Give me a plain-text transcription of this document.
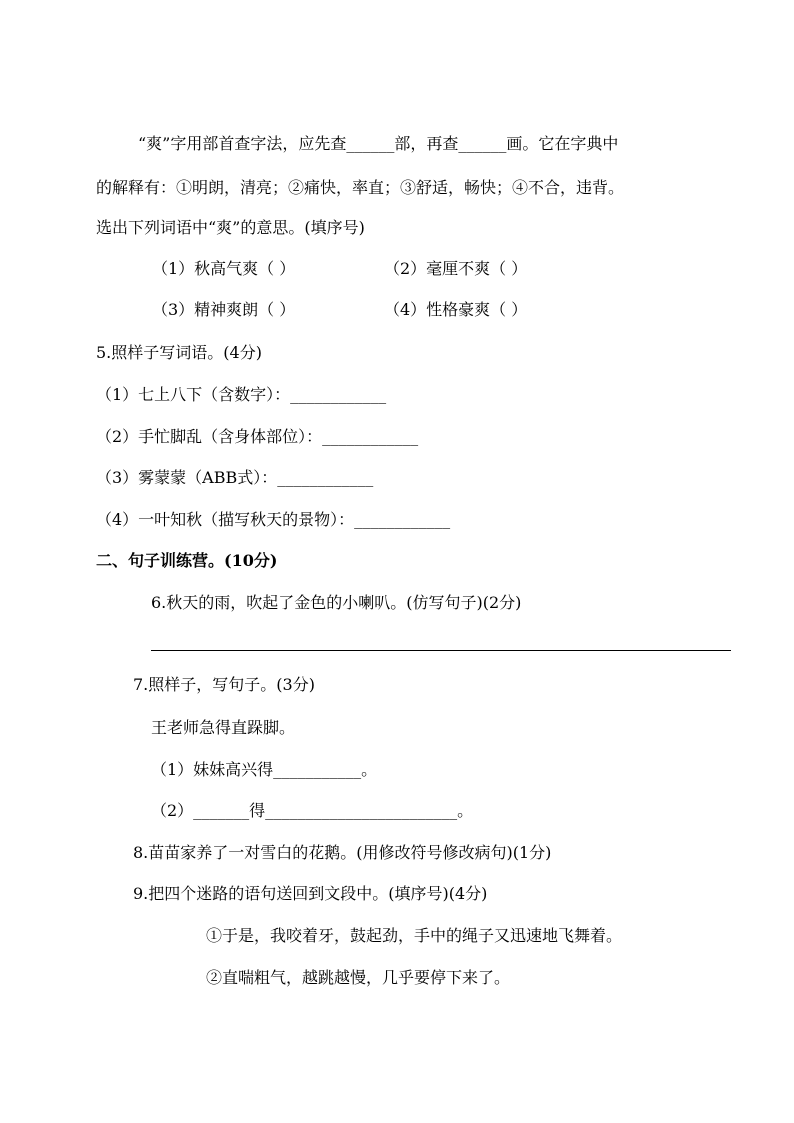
“爽”字用部首查字法，应先查______部，再查______画。它在字典中
的解释有：①明朗，清亮；②痛快，率直；③舒适，畅快；④不合，违背。
选出下列词语中“爽”的意思。(填序号)
（1）秋高气爽（ ）	（2）毫厘不爽（ ）
（3）精神爽朗（ ）	（4）性格豪爽（ ）
5.照样子写词语。(4分)
（1）七上八下（含数字）：____________
（2）手忙脚乱（含身体部位）：____________
（3）雾蒙蒙（ABB式）：____________
（4）一叶知秋（描写秋天的景物）：____________
二、句子训练营。(10分)
6.秋天的雨，吹起了金色的小喇叭。(仿写句子)(2分)
7.照样子，写句子。(3分)
王老师急得直跺脚。
（1）妹妹高兴得___________。
（2）_______得________________________。
8.苗苗家养了一对雪白的花鹅。(用修改符号修改病句)(1分)
9.把四个迷路的语句送回到文段中。(填序号)(4分)
①于是，我咬着牙，鼓起劲，手中的绳子又迅速地飞舞着。
②直喘粗气，越跳越慢，几乎要停下来了。
